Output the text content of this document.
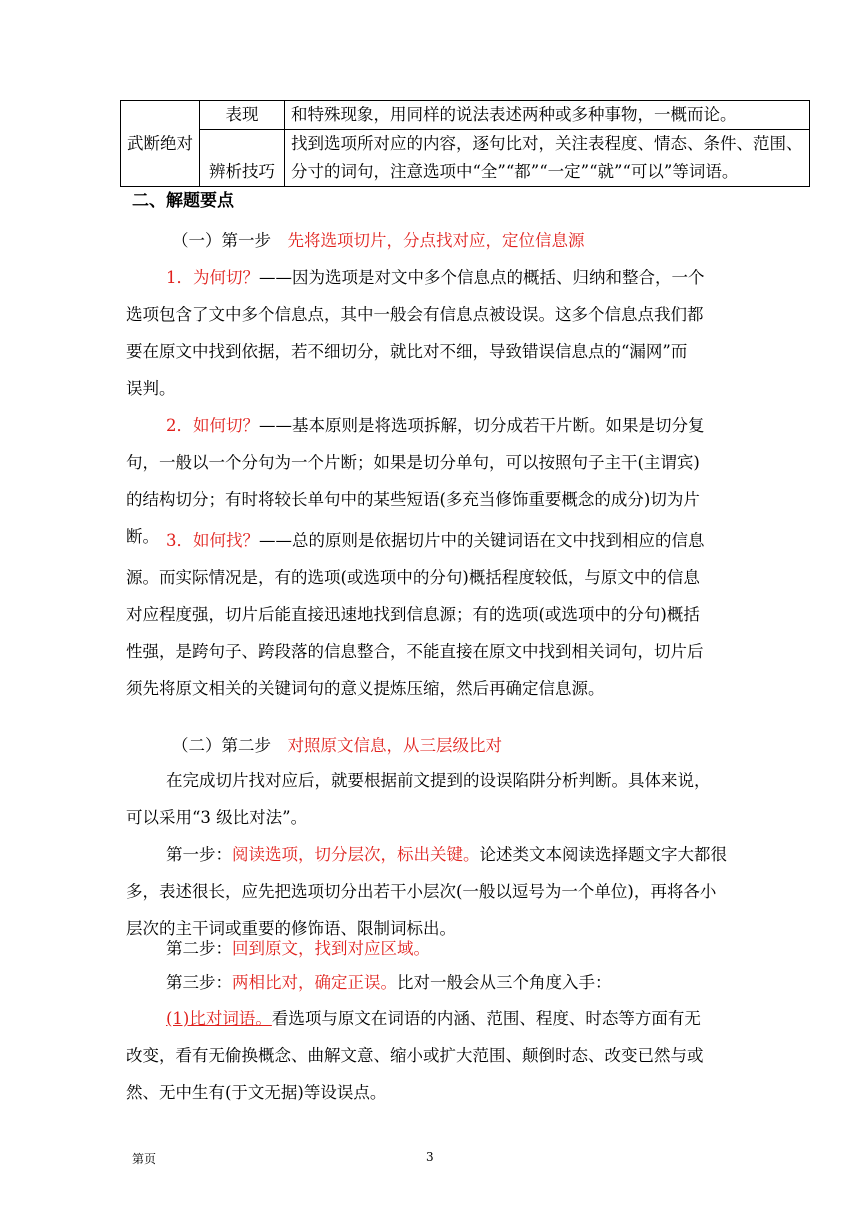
武断绝对	表现	和特殊现象，用同样的说法表述两种或多种事物，一概而论。

	辨析技巧	找到选项所对应的内容，逐句比对，关注表程度、情态、条件、范围、
分寸的词句，注意选项中“全”“都”“一定”“就”“可以”等词语。
二、解题要点
（一）第一步　先将选项切片，分点找对应，定位信息源
1．为何切？——因为选项是对文中多个信息点的概括、归纳和整合，一个
选项包含了文中多个信息点，其中一般会有信息点被设误。这多个信息点我们都
要在原文中找到依据，若不细切分，就比对不细，导致错误信息点的“漏网”而
误判。
2．如何切？——基本原则是将选项拆解，切分成若干片断。如果是切分复
句，一般以一个分句为一个片断；如果是切分单句，可以按照句子主干(主谓宾)
的结构切分；有时将较长单句中的某些短语(多充当修饰重要概念的成分)切为片
断。 3．如何找？——总的原则是依据切片中的关键词语在文中找到相应的信息
源。而实际情况是，有的选项(或选项中的分句)概括程度较低，与原文中的信息
对应程度强，切片后能直接迅速地找到信息源；有的选项(或选项中的分句)概括
性强，是跨句子、跨段落的信息整合，不能直接在原文中找到相关词句，切片后
须先将原文相关的关键词句的意义提炼压缩，然后再确定信息源。
（二）第二步　对照原文信息，从三层级比对
在完成切片找对应后，就要根据前文提到的设误陷阱分析判断。具体来说，
可以采用“3 级比对法”。
第一步：阅读选项，切分层次，标出关键。论述类文本阅读选择题文字大都很
多，表述很长，应先把选项切分出若干小层次(一般以逗号为一个单位)，再将各小
层次的主干词或重要的修饰语、限制词标出。
第二步：回到原文，找到对应区域。
第三步：两相比对，确定正误。比对一般会从三个角度入手：
(1)比对词语。看选项与原文在词语的内涵、范围、程度、时态等方面有无
改变，看有无偷换概念、曲解文意、缩小或扩大范围、颠倒时态、改变已然与或
然、无中生有(于文无据)等设误点。
第页	3
